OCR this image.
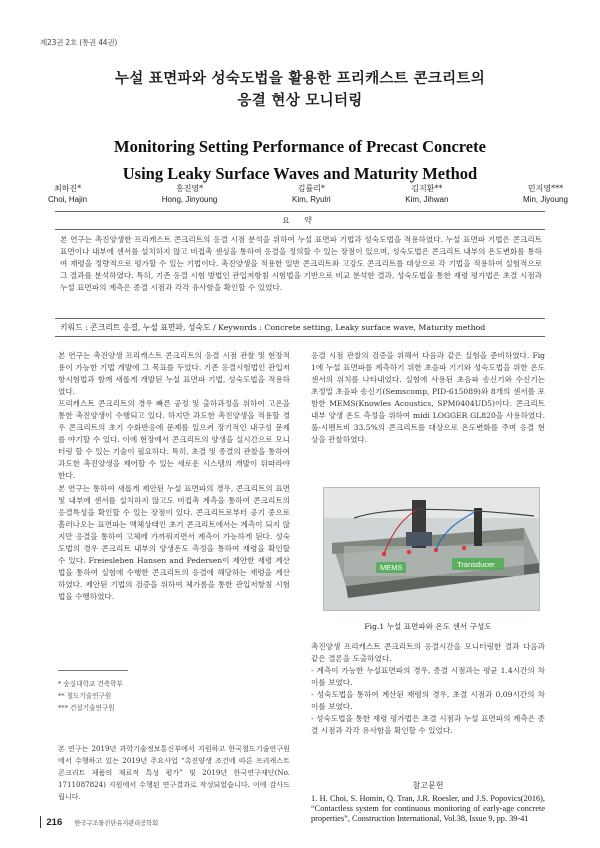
제23권 2호 (통권 44권)
누설 표면파와 성숙도법을 활용한 프리캐스트 콘크리트의
응결 현상 모니터링
Monitoring Setting Performance of Precast Concrete
Using Leaky Surface Waves and Maturity Method
최하진*
Choi, Hajin
홍진영*
Hong, Jinyoung
김률리*
Kim, Ryulri
김지환**
Kim, Jihwan
민지영***
Min, Jiyoung
요 약
본 연구는 촉진양생한 프리캐스트 콘크리트의 응결 시점 분석을 위하여 누설 표면파 기법과 성숙도법을 적용하였다. 누설 표면파 기법은 콘크리트 표면이나 내부에 센서를 설치하지 않고 비접촉 센싱을 통하여 응결을 정의할 수 있는 장점이 있으며, 성숙도법은 콘크리트 내부의 온도변화를 통하여 재령을 정량적으로 평가할 수 있는 기법이다. 촉진양생을 적용한 일반 콘크리트와 고강도 콘크리트를 대상으로 각 기법을 적용하여 실험적으로 그 결과를 분석하였다. 특히, 기존 응결 시험 방법인 관입저항침 시험법을 기반으로 비교 분석한 결과, 성숙도법을 통한 재령 평가법은 초결 시점과 누설 표면파의 계측은 종결 시점과 각각 유사함을 확인할 수 있었다.
키워드 : 콘크리트 응결, 누설 표면파, 성숙도 / Keywords : Concrete setting, Leaky surface wave, Maturity method

본 연구는 촉진양생 프리캐스트 콘크리트의 응결 시점 관찰 및 현장적용이 가능한 기법 개발에 그 목표를 두었다. 기존 응결시험법인 관입저항시험법과 함께 새롭게 개발된 누설 표면파 기법, 성숙도법을 적용하였다.

프리캐스트 콘크리트의 경우 빠른 공정 및 출하과정을 위하여 고온을 통한 촉진양생이 수행되고 있다. 하지만 과도한 촉진양생을 적용할 경우 콘크리트의 초기 수화반응에 문제를 일으켜 장기적인 내구성 문제를 야기할 수 있다. 이에 현장에서 콘크리트의 양생을 실시간으로 모니터링 할 수 있는 기술이 필요하다. 특히, 초결 및 종결의 관찰을 통하여 과도한 촉진양생을 제어할 수 있는 새로운 시스템의 개발이 뒤따라야한다.

본 연구는 통하여 새롭게 제안된 누설 표면파의 경우, 콘크리트의 표면 및 내부에 센서를 설치하지 않고도 비접촉 계측을 통하여 콘크리트의 응결특성을 확인할 수 있는 장점이 있다. 콘크리트로부터 공기 중으로 흘러나오는 표면파는 액체상태인 초기 콘크리트에서는 계측이 되지 않지만 응결을 통하여 고체에 가까워지면서 계측이 가능하게 된다. 성숙도법의 경우 콘크리트 내부의 양생온도 측정을 통하여 재령을 확인할 수 있다. Freiesleben Hansen and Pedersen이 제안한 재령 계산법을 통하여 실험에 수행한 콘크리트의 응결에 해당하는 재령을 계산하였다. 제안된 기법의 검증을 위하여 체가름을 통한 관입저항침 시험법을 수행하였다.

응결 시점 관찰의 검증을 위해서 다음과 같은 실험을 준비하였다. Fig 1에 누설 표면파를 계측하기 위한 초음파 기기와 성숙도법을 위한 온도 센서의 위치를 나타내었다. 실험에 사용된 초음파 송신기와 수신기는 초정밀 초음파 송신기(Semscomp, PID-615089)와 8개의 센서를 포함한 MEMS(Knowles Acoustics, SPM0404UD5)이다. 콘크리트 내부 양생 온도 측정을 위하여 midi LOGGER GL820을 사용하였다. 풀-시멘트비 33.5%의 콘크리트를 대상으로 온도변화를 주며 응결 현상을 관찰하였다.

MEMS	Transducer
Fig.1 누설 표면파와 온도 센서 구성도

촉진양생 프리캐스트 콘크리트의 응결시간을 모니터링한 결과 다음과 같은 결론을 도출하였다.

- 계측이 가능한 누설표면파의 경우, 종결 시점과는 평균 1.4시간의 차이를 보였다.

- 성숙도법을 통하여 계산된 재령의 경우, 초결 시점과 0.09시간의 차이를 보였다.

- 성숙도법을 통한 재령 평가법은 초결 시점과 누설 표면파의 계측은 종결 시점과 각각 유사함을 확인할 수 있었다.

* 숭실대학교 건축학부
** 철도기술연구원
*** 건설기술연구원
본 연구는 2019년 과학기술정보통신부에서 지원하고 한국철도기술연구원에서 수행하고 있는 2019년 주요사업 “촉진양생 조건에 따른 프리캐스트 콘크리트 제품의 재료적 특성 평가” 및 2019년 한국연구재단(No. 1711087824) 지원에서 수행된 연구결과로 작성되었습니다. 이에 감사드립니다.
참고문헌
1. H. Choi, S. Homin, Q. Tran, J.R. Roesler, and J.S. Popovics(2016), “Contactless system for continuous monitoring of early-age concrete properties”, Construction International, Vol.38, Issue 9, pp. 39-41
216 한국구조물진단유지관리공학회
